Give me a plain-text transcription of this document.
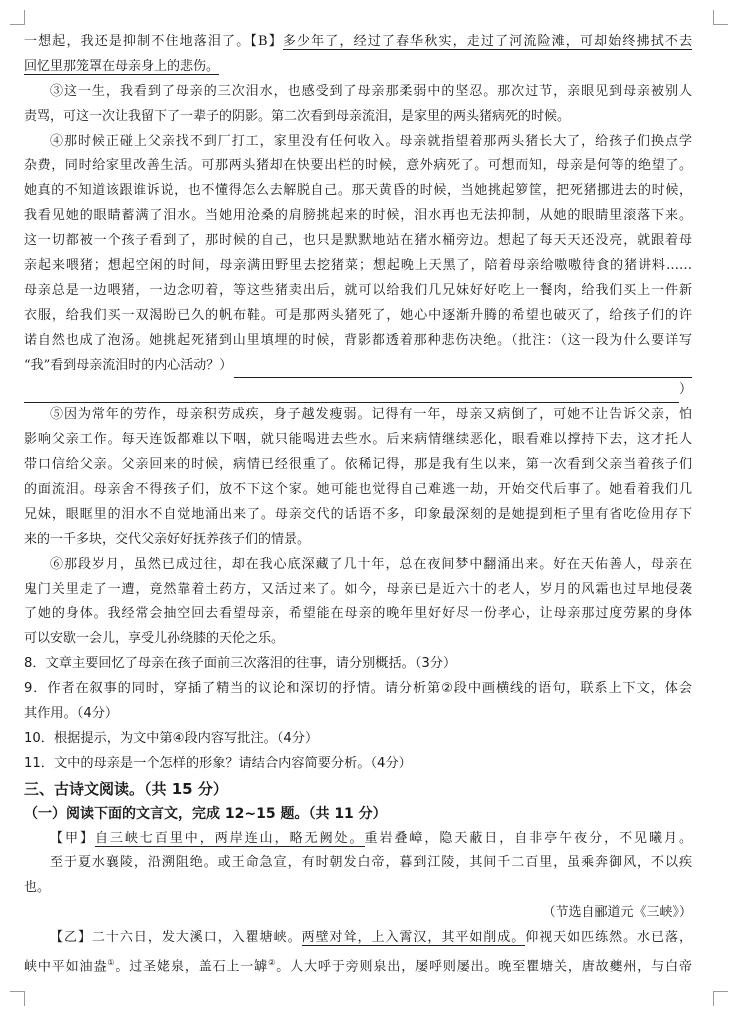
一想起，我还是抑制不住地落泪了。【B】多少年了，经过了春华秋实，走过了河流险滩，可却始终拂拭不去
回忆里那笼罩在母亲身上的悲伤。
③这一生，我看到了母亲的三次泪水，也感受到了母亲那柔弱中的坚忍。那次过节，亲眼见到母亲被别人
责骂，可这一次让我留下了一辈子的阴影。第二次看到母亲流泪，是家里的两头猪病死的时候。
④那时候正碰上父亲找不到厂打工，家里没有任何收入。母亲就指望着那两头猪长大了，给孩子们换点学
杂费，同时给家里改善生活。可那两头猪却在快要出栏的时候，意外病死了。可想而知，母亲是何等的绝望了。
她真的不知道该跟谁诉说，也不懂得怎么去解脱自己。那天黄昏的时候，当她挑起箩筐，把死猪挪进去的时候，
我看见她的眼睛蓄满了泪水。当她用沧桑的肩膀挑起来的时候，泪水再也无法抑制，从她的眼睛里滚落下来。
这一切都被一个孩子看到了，那时候的自己，也只是默默地站在猪水桶旁边。想起了每天天还没亮，就跟着母
亲起来喂猪；想起空闲的时间，母亲满田野里去挖猪菜；想起晚上天黑了，陪着母亲给嗷嗷待食的猪讲料……
母亲总是一边喂猪，一边念叨着，等这些猪卖出后，就可以给我们几兄妹好好吃上一餐肉，给我们买上一件新
衣服，给我们买一双渴盼已久的帆布鞋。可是那两头猪死了，她心中逐渐升腾的希望也破灭了，给孩子们的许
诺自然也成了泡汤。她挑起死猪到山里填埋的时候，背影都透着那种悲伤决绝。（批注：（这一段为什么要详写
“我”看到母亲流泪时的内心活动？）
）
⑤因为常年的劳作，母亲积劳成疾，身子越发瘦弱。记得有一年，母亲又病倒了，可她不让告诉父亲，怕
影响父亲工作。每天连饭都难以下咽，就只能喝进去些水。后来病情继续恶化，眼看难以撑持下去，这才托人
带口信给父亲。父亲回来的时候，病情已经很重了。依稀记得，那是我有生以来，第一次看到父亲当着孩子们
的面流泪。母亲舍不得孩子们，放不下这个家。她可能也觉得自己难逃一劫，开始交代后事了。她看着我们几
兄妹，眼眶里的泪水不自觉地涌出来了。母亲交代的话语不多，印象最深刻的是她提到柜子里有省吃俭用存下
来的一千多块，交代父亲好好抚养孩子们的情景。
⑥那段岁月，虽然已成过往，却在我心底深藏了几十年，总在夜间梦中翻涌出来。好在天佑善人，母亲在
鬼门关里走了一遭，竟然靠着土药方，又活过来了。如今，母亲已是近六十的老人，岁月的风霜也过早地侵袭
了她的身体。我经常会抽空回去看望母亲，希望能在母亲的晚年里好好尽一份孝心，让母亲那过度劳累的身体
可以安歇一会儿，享受儿孙绕膝的天伦之乐。
8．文章主要回忆了母亲在孩子面前三次落泪的往事，请分别概括。（3分）
9．作者在叙事的同时，穿插了精当的议论和深切的抒情。请分析第②段中画横线的语句，联系上下文，体会
其作用。（4分）
10．根据提示，为文中第④段内容写批注。（4分）
11．文中的母亲是一个怎样的形象？请结合内容简要分析。（4分）
三、古诗文阅读。（共 15 分）
（一）阅读下面的文言文，完成 12~15 题。（共 11 分）
【甲】自三峡七百里中，两岸连山，略无阙处。重岩叠嶂，隐天蔽日，自非亭午夜分，不见曦月。
至于夏水襄陵，沿溯阻绝。或王命急宣，有时朝发白帝，暮到江陵，其间千二百里，虽乘奔御风，不以疾
也。
（节选自郦道元《三峡》）
【乙】二十六日，发大溪口，入瞿塘峡。两壁对耸，上入霄汉，其平如削成。仰视天如匹练然。水已落，
峡中平如油盎①。过圣姥泉，盖石上一罅②。人大呼于旁则泉出，屡呼则屡出。晚至瞿塘关，唐故夔州，与白帝
